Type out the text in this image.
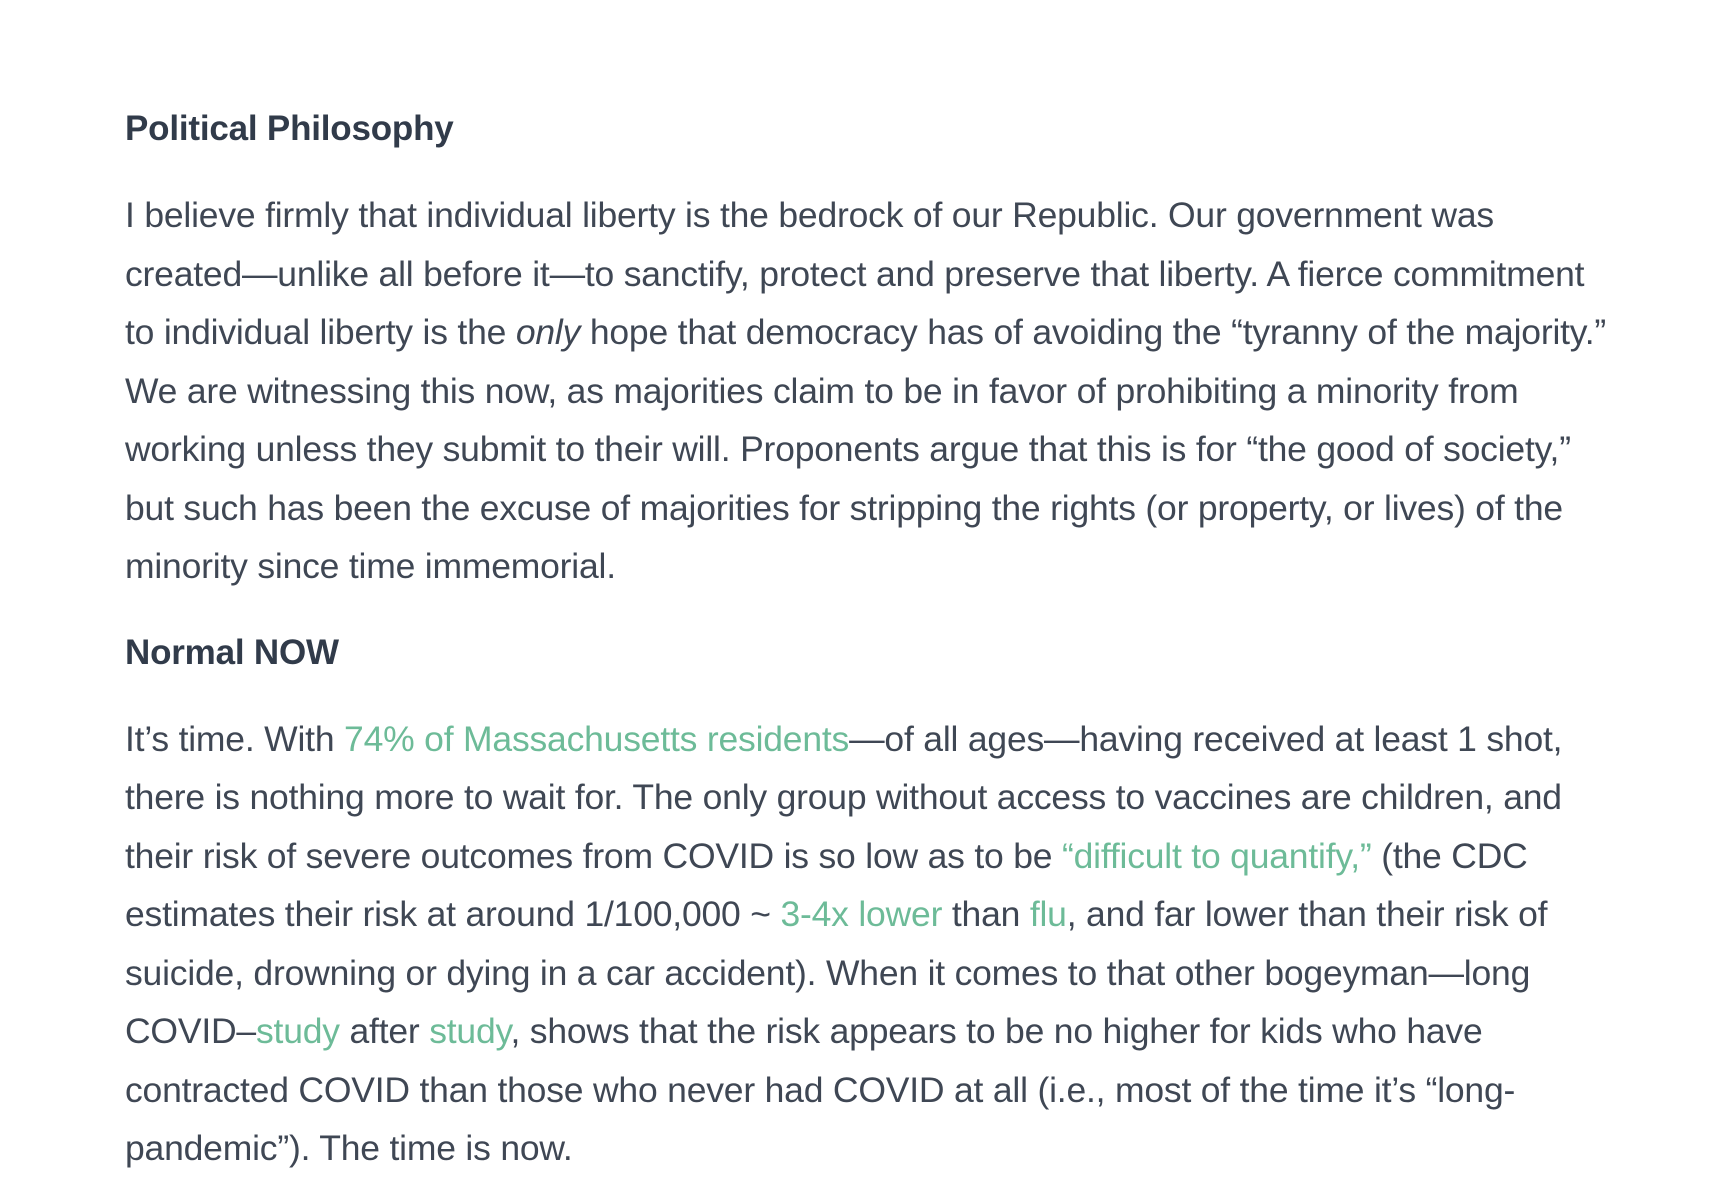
Political Philosophy

I believe firmly that individual liberty is the bedrock of our Republic. Our government was
created—unlike all before it—to sanctify, protect and preserve that liberty. A fierce commitment
to individual liberty is the only hope that democracy has of avoiding the “tyranny of the majority.”
We are witnessing this now, as majorities claim to be in favor of prohibiting a minority from
working unless they submit to their will. Proponents argue that this is for “the good of society,”
but such has been the excuse of majorities for stripping the rights (or property, or lives) of the
minority since time immemorial.

Normal NOW

It’s time. With 74% of Massachusetts residents—of all ages—having received at least 1 shot,
there is nothing more to wait for. The only group without access to vaccines are children, and
their risk of severe outcomes from COVID is so low as to be “difficult to quantify,” (the CDC
estimates their risk at around 1/100,000 ~ 3-4x lower than flu, and far lower than their risk of
suicide, drowning or dying in a car accident). When it comes to that other bogeyman—long
COVID–study after study, shows that the risk appears to be no higher for kids who have
contracted COVID than those who never had COVID at all (i.e., most of the time it’s “long-
pandemic”). The time is now.
